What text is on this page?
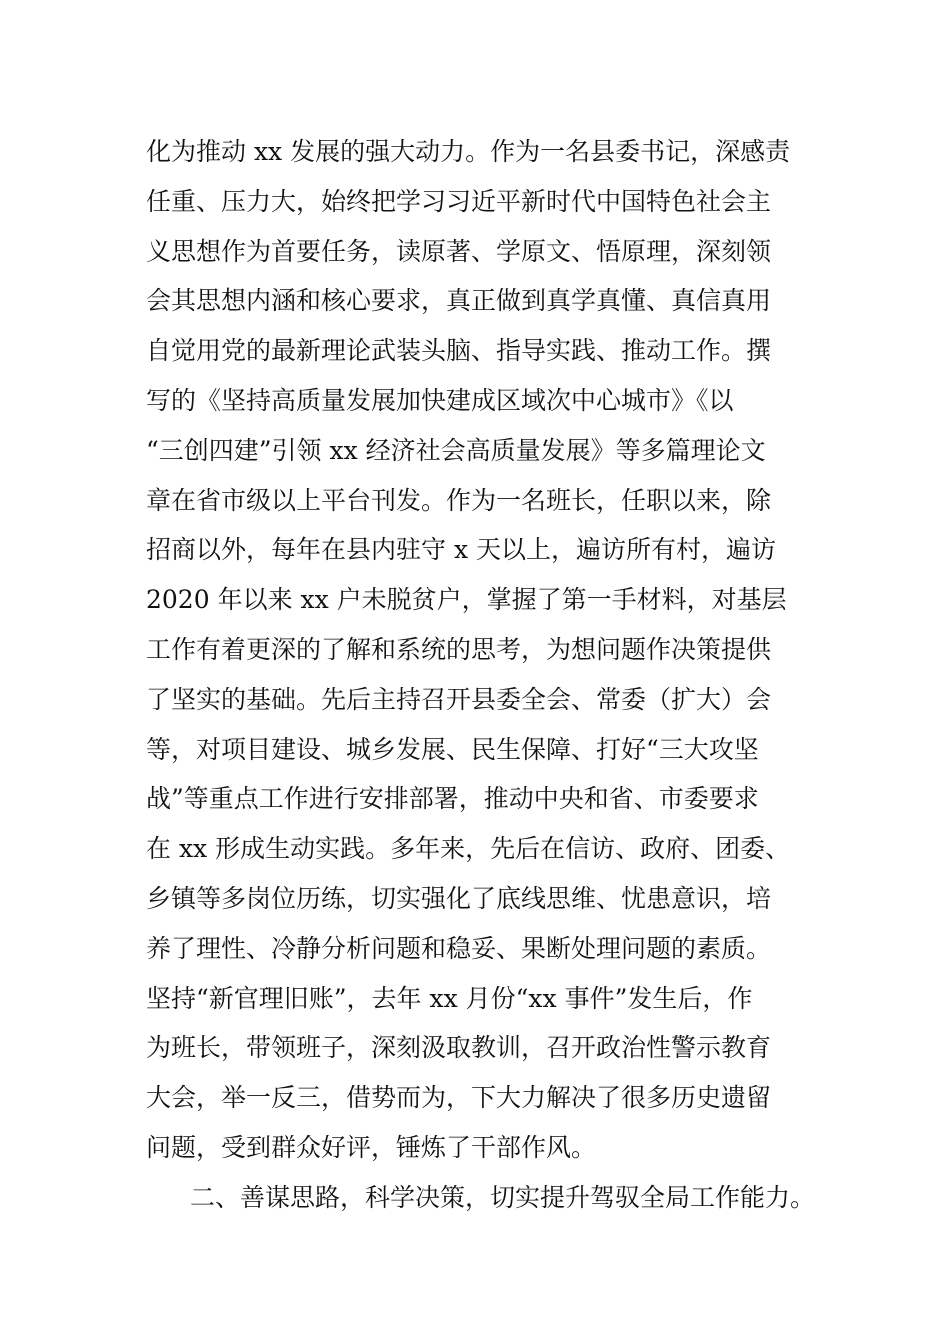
化为推动 xx 发展的强大动力。作为一名县委书记，深感责

任重、压力大，始终把学习习近平新时代中国特色社会主

义思想作为首要任务，读原著、学原文、悟原理，深刻领

会其思想内涵和核心要求，真正做到真学真懂、真信真用

自觉用党的最新理论武装头脑、指导实践、推动工作。撰

写的《坚持高质量发展加快建成区域次中心城市》《以

“三创四建”引领 xx 经济社会高质量发展》等多篇理论文

章在省市级以上平台刊发。作为一名班长，任职以来，除

招商以外，每年在县内驻守 x 天以上，遍访所有村，遍访

2020 年以来 xx 户未脱贫户，掌握了第一手材料，对基层

工作有着更深的了解和系统的思考，为想问题作决策提供

了坚实的基础。先后主持召开县委全会、常委（扩大）会

等，对项目建设、城乡发展、民生保障、打好“三大攻坚

战”等重点工作进行安排部署，推动中央和省、市委要求

在 xx 形成生动实践。多年来，先后在信访、政府、团委、

乡镇等多岗位历练，切实强化了底线思维、忧患意识，培

养了理性、冷静分析问题和稳妥、果断处理问题的素质。

坚持“新官理旧账”，去年 xx 月份“xx 事件”发生后，作

为班长，带领班子，深刻汲取教训，召开政治性警示教育

大会，举一反三，借势而为，下大力解决了很多历史遗留

问题，受到群众好评，锤炼了干部作风。

二、善谋思路，科学决策，切实提升驾驭全局工作能力。
